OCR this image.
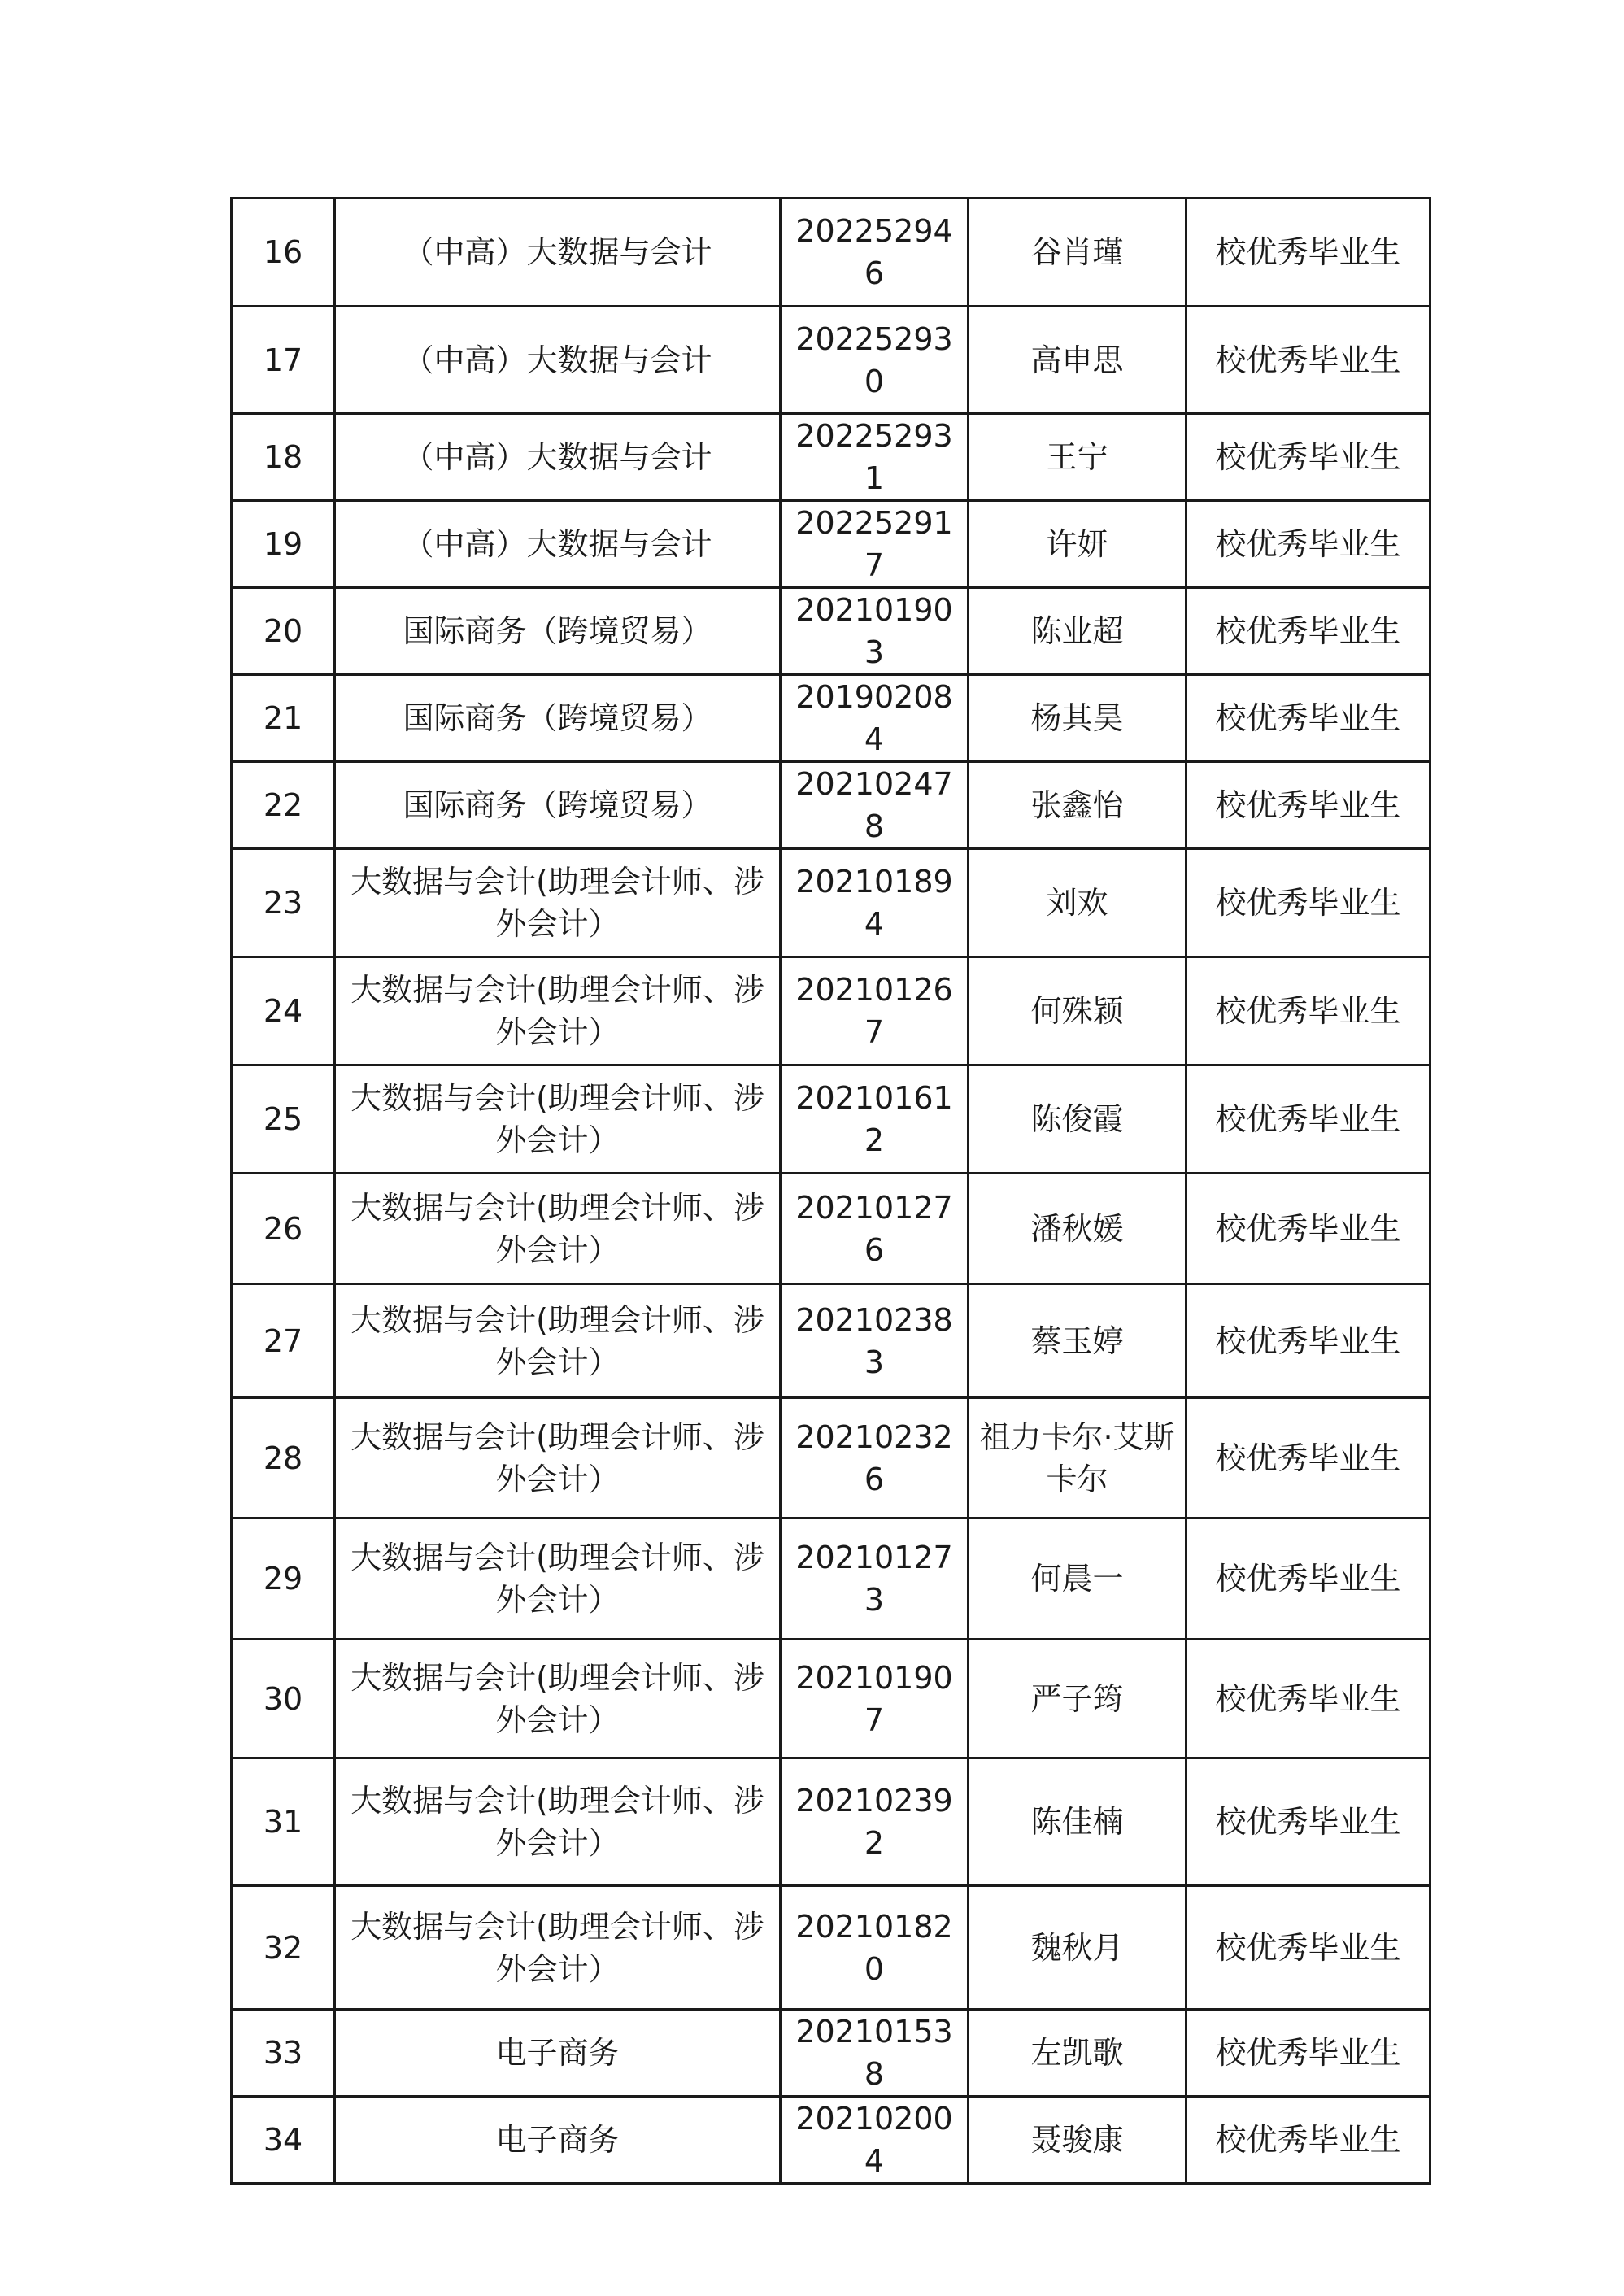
16	（中高）大数据与会计	20225294 6	谷肖瑾	校优秀毕业生
17	（中高）大数据与会计	20225293 0	高申思	校优秀毕业生
18	（中高）大数据与会计	202252931	王宁	校优秀毕业生
19	（中高）大数据与会计	202252917	许妍	校优秀毕业生
20	国际商务（跨境贸易）	202101903	陈业超	校优秀毕业生
21	国际商务（跨境贸易）	201902084	杨其昊	校优秀毕业生
22	国际商务（跨境贸易）	202102478	张鑫怡	校优秀毕业生
23	大数据与会计(助理会计师、涉外会计）	202101894	刘欢	校优秀毕业生
24	大数据与会计(助理会计师、涉外会计）	202101267	何殊颖	校优秀毕业生
25	大数据与会计(助理会计师、涉外会计）	202101612	陈俊霞	校优秀毕业生
26	大数据与会计(助理会计师、涉外会计）	202101276	潘秋媛	校优秀毕业生
27	大数据与会计(助理会计师、涉外会计）	202102383	蔡玉婷	校优秀毕业生
28	大数据与会计(助理会计师、涉外会计）	202102326	祖力卡尔·艾斯卡尔	校优秀毕业生
29	大数据与会计(助理会计师、涉外会计）	202101273	何晨一	校优秀毕业生
30	大数据与会计(助理会计师、涉外会计）	202101907	严子筠	校优秀毕业生
31	大数据与会计(助理会计师、涉外会计）	202102392	陈佳楠	校优秀毕业生
32	大数据与会计(助理会计师、涉外会计）	202101820	魏秋月	校优秀毕业生
33	电子商务	202101538	左凯歌	校优秀毕业生
34	电子商务	202102004	聂骏康	校优秀毕业生
